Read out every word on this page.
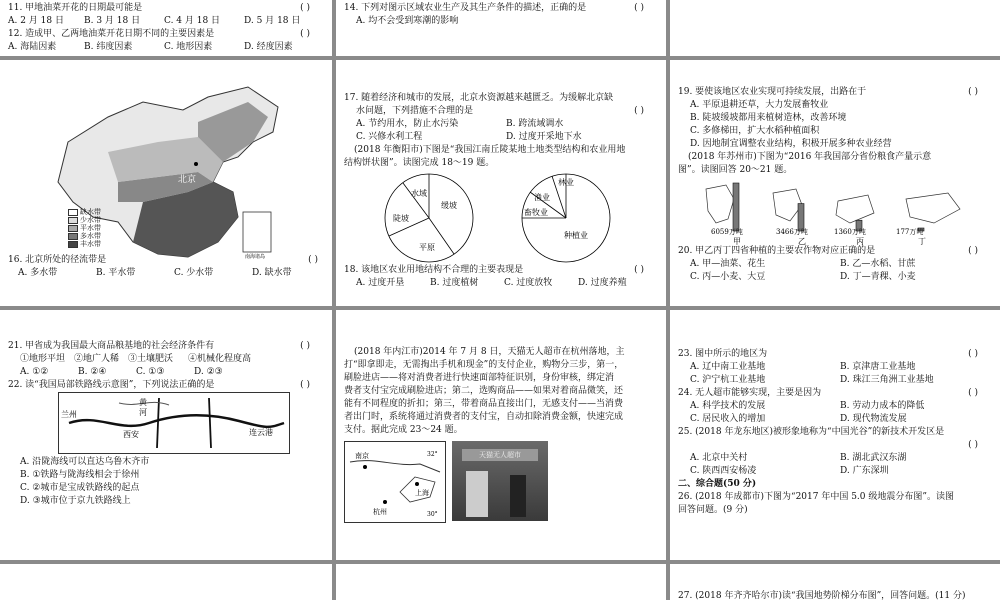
11. 甲地油菜开花的日期最可能是	( )
A. 2 月 18 日	B. 3 月 18 日	C. 4 月 18 日	D. 5 月 18 日
12. 造成甲、乙两地油菜开花日期不同的主要因素是	( )
A. 海陆因素	B. 纬度因素	C. 地形因素	D. 经度因素
14. 下列对图示区域农业生产及其生产条件的描述，正确的是	( )
A. 均不会受到寒潮的影响
北京
南海诸岛
缺水带
少水带
平水带
多水带
丰水带
16. 北京所处的径流带是	( )
A. 多水带	B. 平水带	C. 少水带	D. 缺水带
17. 随着经济和城市的发展，北京水资源越来越匮乏。为缓解北京缺
水问题，下列措施不合理的是	( )
A. 节约用水，防止水污染	B. 跨流域调水
C. 兴修水利工程	D. 过度开采地下水
(2018 年衡阳市)下图是“我国江南丘陵某地土地类型结构和农业用地
结构饼状图”。读图完成 18～19 题。
水域
陡坡
缓坡
平原
林业
渔业
畜牧业
种植业
18. 该地区农业用地结构不合理的主要表现是	( )
A. 过度开垦	B. 过度植树	C. 过度放牧	D. 过度养殖
19. 要使该地区农业实现可持续发展，出路在于	( )
A. 平原退耕还草，大力发展畜牧业
B. 陡坡缓坡都用来植树造林，改善环境
C. 多修梯田，扩大水稻种植面积
D. 因地制宜调整农业结构，积极开展多种农业经营
(2018 年苏州市)下图为“2016 年我国部分省份粮食产量示意
图”。读图回答 20～21 题。
6059万吨
甲
3466万吨
乙
1360万吨
丙
177万吨
丁
20. 甲乙丙丁四省种植的主要农作物对应正确的是	( )
A. 甲—油菜、花生	B. 乙—水稻、甘蔗
C. 丙—小麦、大豆	D. 丁—青稞、小麦
21. 甲省成为我国最大商品粮基地的社会经济条件有	( )
①地形平坦 ②地广人稀 ③土壤肥沃	④机械化程度高
A. ①②	B. ②④	C. ①③	D. ②③
22. 读“我国局部铁路线示意图”，下列说法正确的是	( )
兰州
黄
河
西安	连云港
A. 沿陇海线可以直达乌鲁木齐市
B. ①铁路与陇海线相会于徐州
C. ②城市是宝成铁路线的起点
D. ③城市位于京九铁路线上
(2018 年内江市)2014 年 7 月 8 日，天猫无人超市在杭州落地，主
打“即拿即走，无需掏出手机和现金”的支付企业，购物分三步，第一，
刷脸进店——将对消费者进行快速面部特征识别，身份审核，绑定消
费者支付宝完成刷脸进店；第二，选购商品——如果对着商品微笑，还
能有不同程度的折扣；第三，带着商品直接出门，无感支付——当消费
者出门时，系统将通过消费者的支付宝，自动扣除消费金额，快速完成
支付。据此完成 23～24 题。
南京
上海
杭州
32°
30°
天猫无人超市
23. 图中所示的地区为	( )
A. 辽中南工业基地	B. 京津唐工业基地
C. 沪宁杭工业基地	D. 珠江三角洲工业基地
24. 无人超市能够实现，主要是因为	( )
A. 科学技术的发展	B. 劳动力成本的降低
C. 居民收入的增加	D. 现代物流发展
25. (2018 年龙东地区)被形象地称为“中国光谷”的新技术开发区是
( )
A. 北京中关村	B. 湖北武汉东湖
C. 陕西西安杨凌	D. 广东深圳
二、综合题(50 分)
26. (2018 年成都市)下图为“2017 年中国 5.0 级地震分布图”。读图
回答问题。(9 分)
27. (2018 年齐齐哈尔市)读“我国地势阶梯分布图”，回答问题。(11 分)
